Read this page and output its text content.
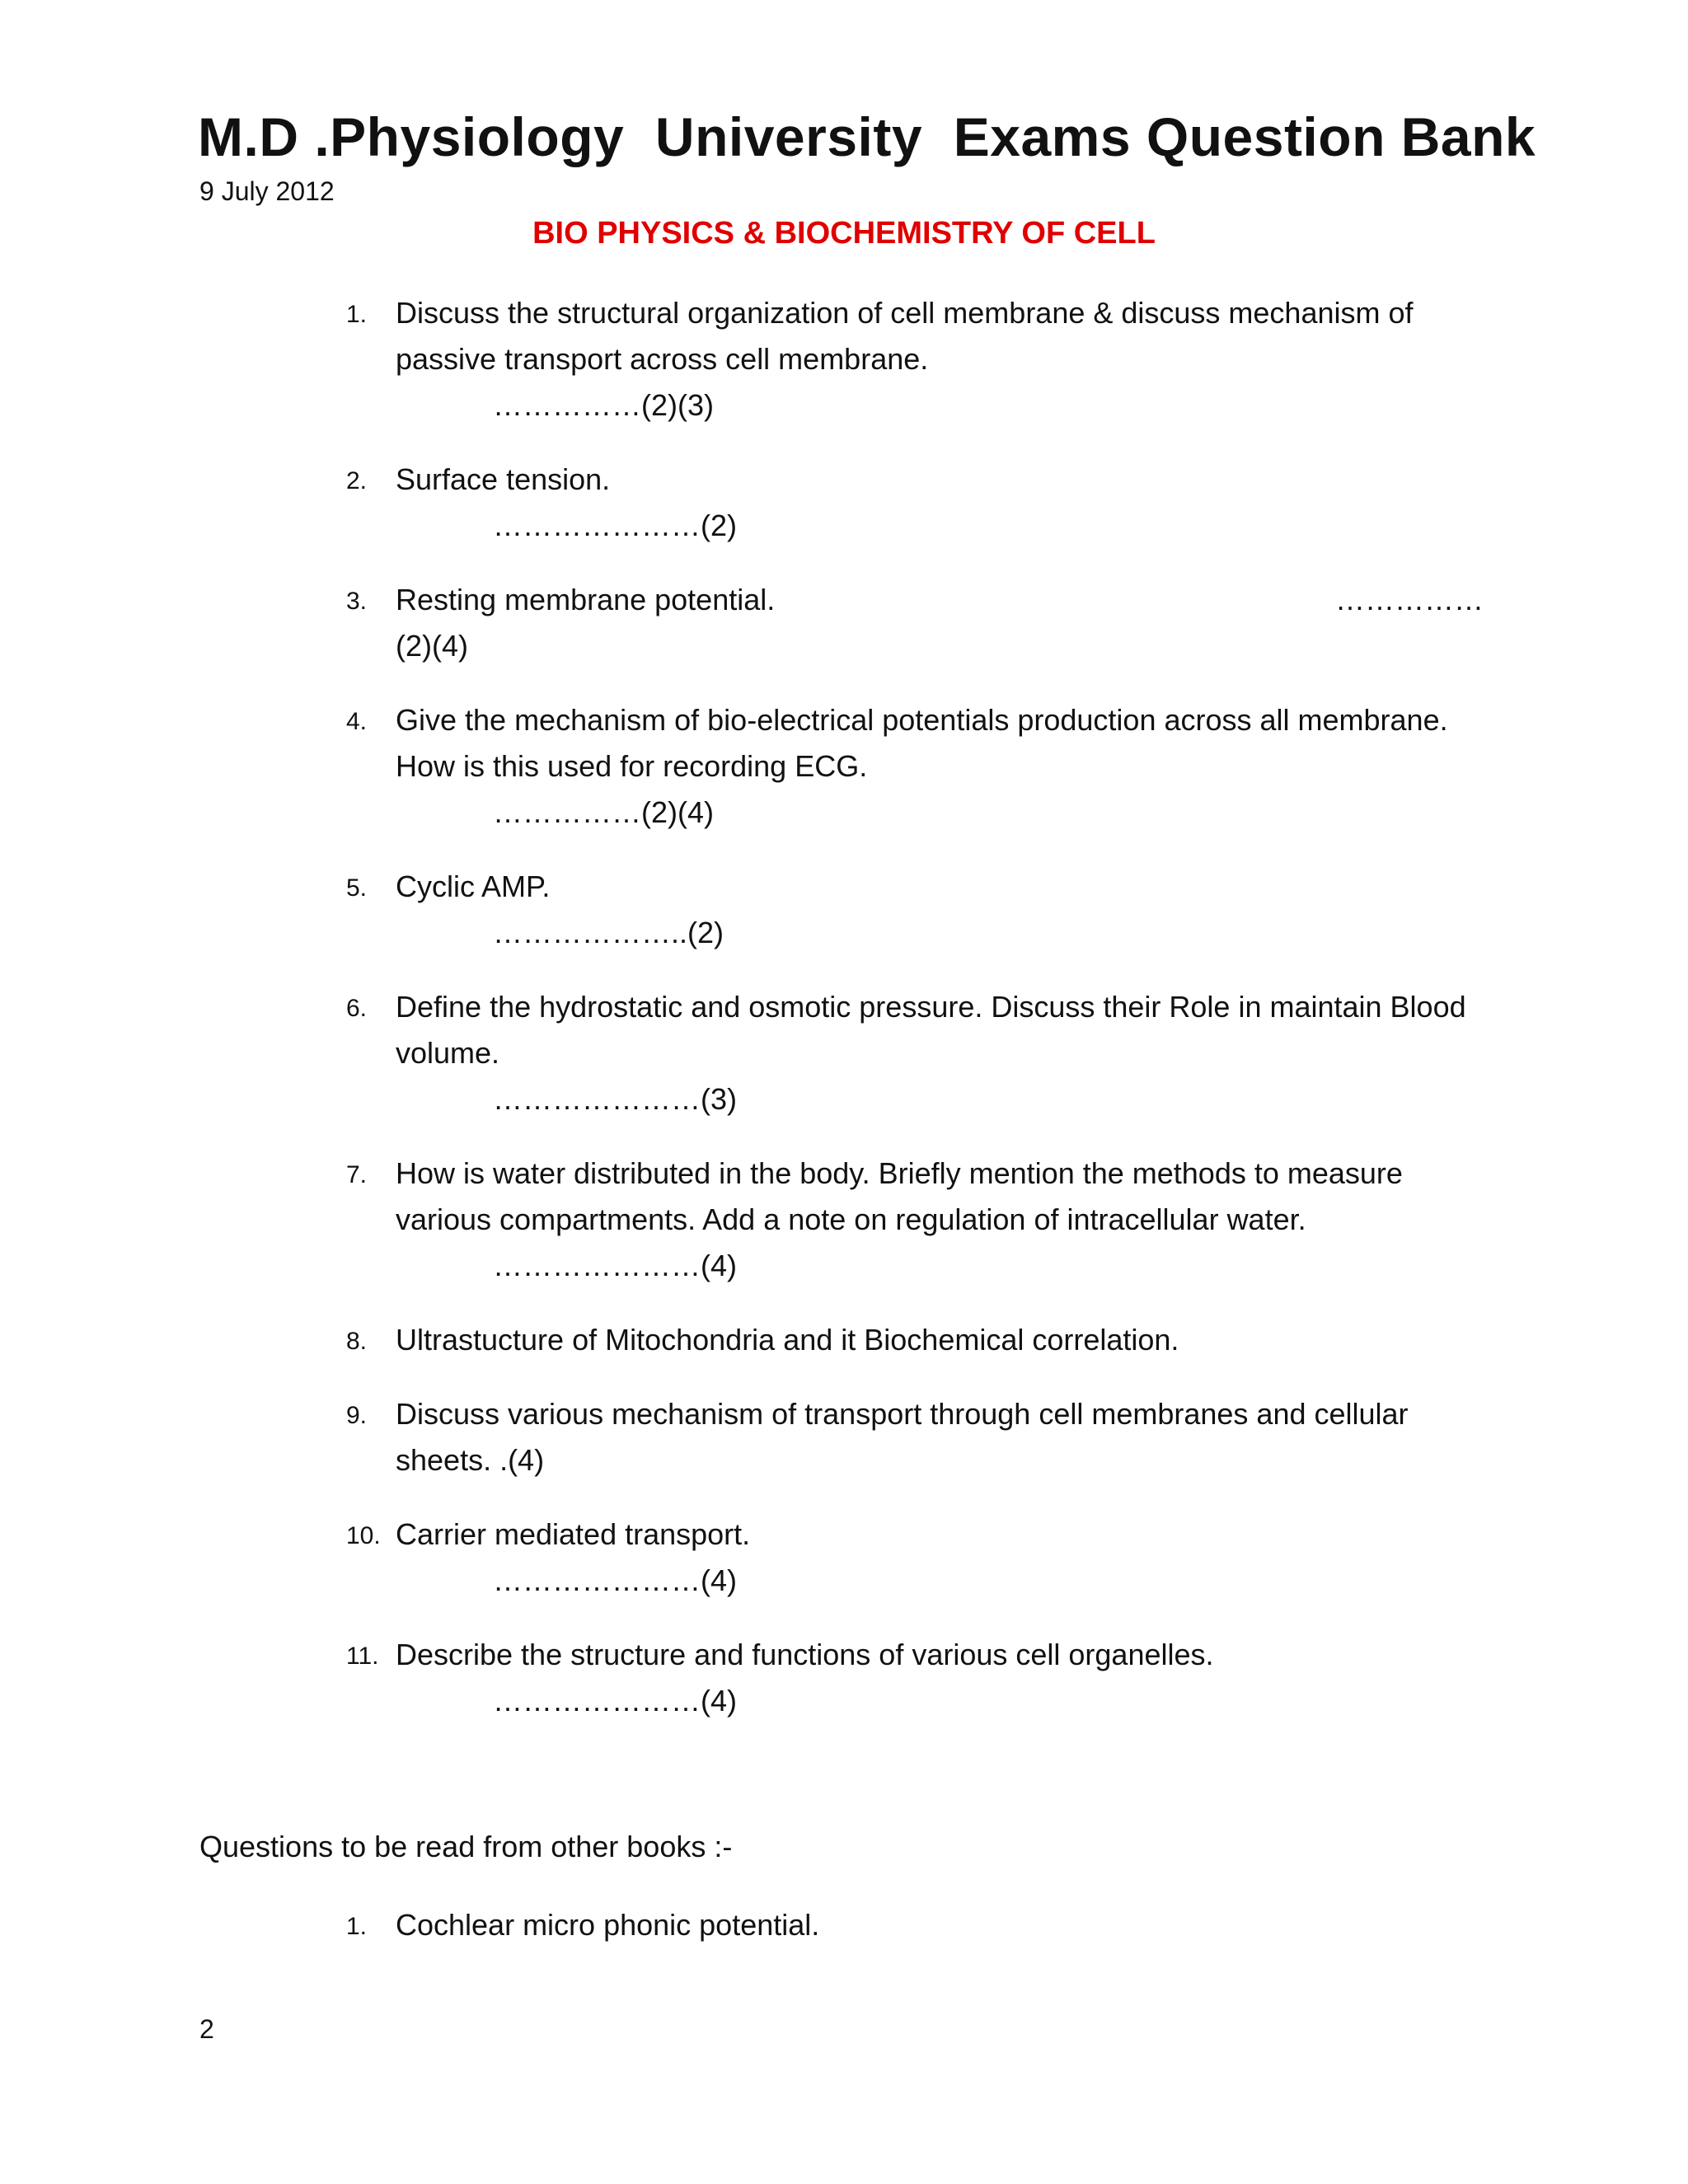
M.D .Physiology  University  Exams Question Bank
9 July 2012
BIO PHYSICS & BIOCHEMISTRY OF CELL
1. Discuss the structural organization of cell membrane & discuss mechanism of passive transport across cell membrane.
……………(2)(3)
2. Surface tension.
…………………(2)
3. Resting membrane potential.	……………
(2)(4)
4. Give the mechanism of bio-electrical potentials production across all membrane. How is this used for recording ECG.
……………(2)(4)
5. Cyclic AMP.
………………..(2)
6. Define the hydrostatic and osmotic pressure. Discuss their Role in maintain Blood volume.
…………………(3)
7. How is water distributed in the body. Briefly mention the methods to measure various compartments. Add a note on regulation of intracellular water.
…………………(4)
8. Ultrastucture of Mitochondria and it Biochemical correlation.
9. Discuss various mechanism of transport through cell membranes and cellular sheets. .(4)
10. Carrier mediated transport.
…………………(4)
11. Describe the structure and functions of various cell organelles.
…………………(4)
Questions to be read from other books :-
1. Cochlear micro phonic potential.
2
